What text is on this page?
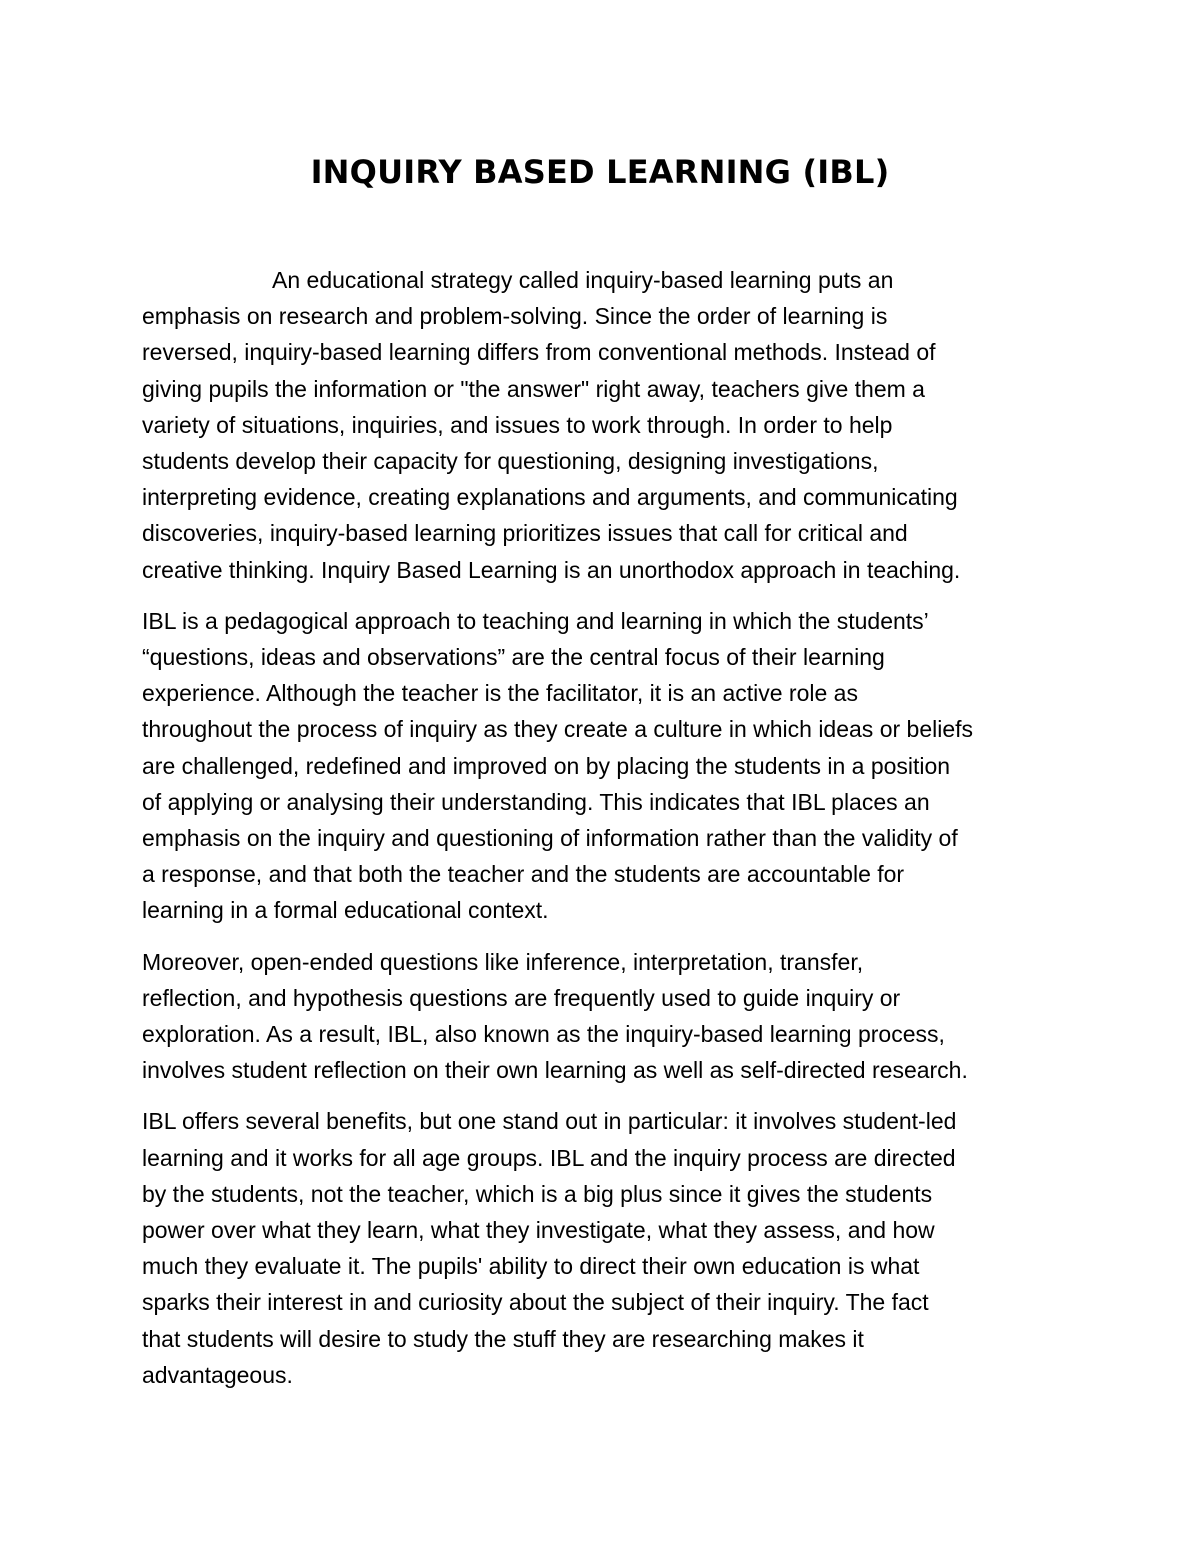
INQUIRY BASED LEARNING (IBL)

An educational strategy called inquiry-based learning puts an
emphasis on research and problem-solving. Since the order of learning is
reversed, inquiry-based learning differs from conventional methods. Instead of
giving pupils the information or "the answer" right away, teachers give them a
variety of situations, inquiries, and issues to work through. In order to help
students develop their capacity for questioning, designing investigations,
interpreting evidence, creating explanations and arguments, and communicating
discoveries, inquiry-based learning prioritizes issues that call for critical and
creative thinking. Inquiry Based Learning is an unorthodox approach in teaching.

IBL is a pedagogical approach to teaching and learning in which the students’
“questions, ideas and observations” are the central focus of their learning
experience. Although the teacher is the facilitator, it is an active role as
throughout the process of inquiry as they create a culture in which ideas or beliefs
are challenged, redefined and improved on by placing the students in a position
of applying or analysing their understanding. This indicates that IBL places an
emphasis on the inquiry and questioning of information rather than the validity of
a response, and that both the teacher and the students are accountable for
learning in a formal educational context.

Moreover, open-ended questions like inference, interpretation, transfer,
reflection, and hypothesis questions are frequently used to guide inquiry or
exploration. As a result, IBL, also known as the inquiry-based learning process,
involves student reflection on their own learning as well as self-directed research.

IBL offers several benefits, but one stand out in particular: it involves student-led
learning and it works for all age groups. IBL and the inquiry process are directed
by the students, not the teacher, which is a big plus since it gives the students
power over what they learn, what they investigate, what they assess, and how
much they evaluate it. The pupils' ability to direct their own education is what
sparks their interest in and curiosity about the subject of their inquiry. The fact
that students will desire to study the stuff they are researching makes it
advantageous.
